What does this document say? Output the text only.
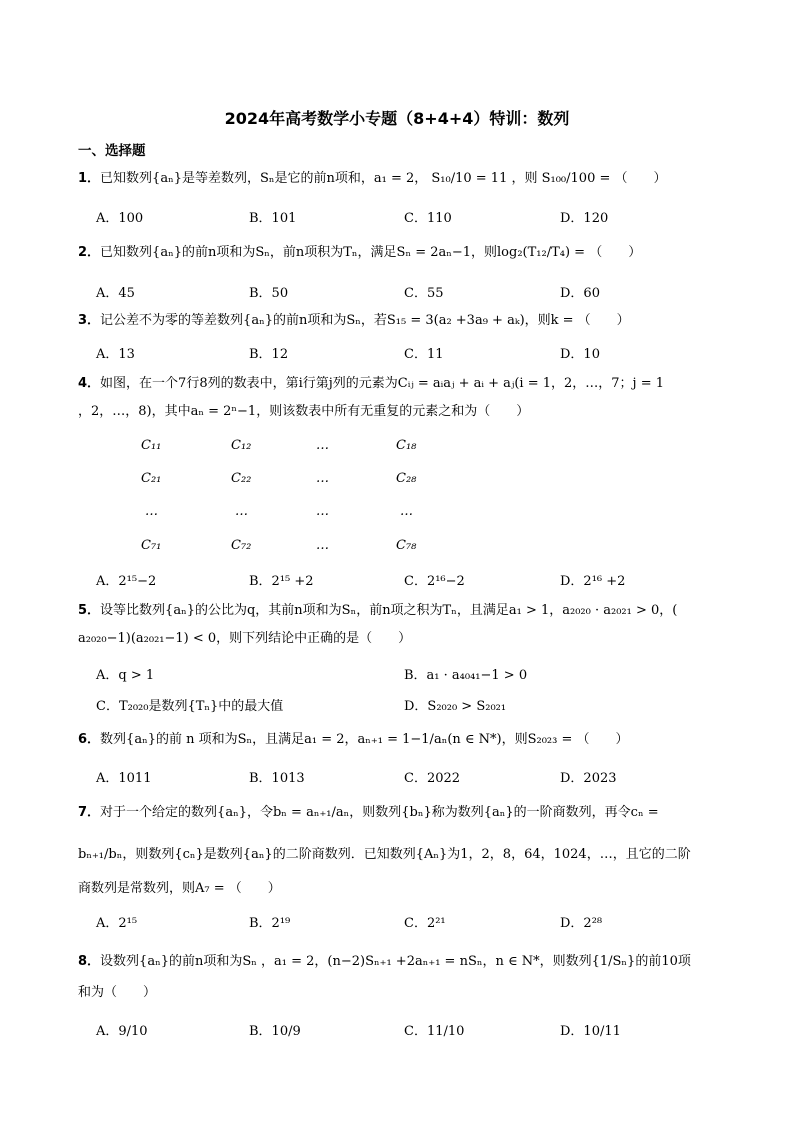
2024年高考数学小专题（8+4+4）特训：数列
一、选择题
1．已知数列{aₙ}是等差数列，Sₙ是它的前n项和，a₁ = 2， S₁₀/10 = 11 ，则 S₁₀₀/100 = （　　）
A．100	B．101	C．110	D．120
2．已知数列{aₙ}的前n项和为Sₙ，前n项积为Tₙ，满足Sₙ = 2aₙ−1，则log₂(T₁₂/T₄) = （　　）
A．45	B．50	C．55	D．60
3．记公差不为零的等差数列{aₙ}的前n项和为Sₙ，若S₁₅ = 3(a₂ +3a₉ + aₖ)，则k = （　　）
A．13	B．12	C．11	D．10
4．如图，在一个7行8列的数表中，第i行第j列的元素为Cᵢⱼ = aᵢaⱼ + aᵢ + aⱼ(i = 1，2，…，7；j = 1
，2，…，8)，其中aₙ = 2ⁿ−1，则该数表中所有无重复的元素之和为（　　）
C₁₁	C₁₂	…	C₁₈
C₂₁	C₂₂	…	C₂₈
…	…	…	…
C₇₁	C₇₂	…	C₇₈
A．2¹⁵−2	B．2¹⁵ +2	C．2¹⁶−2	D．2¹⁶ +2
5．设等比数列{aₙ}的公比为q，其前n项和为Sₙ，前n项之积为Tₙ，且满足a₁ > 1，a₂₀₂₀ · a₂₀₂₁ > 0，(
a₂₀₂₀−1)(a₂₀₂₁−1) < 0，则下列结论中正确的是（　　）
A．q > 1	B．a₁ · a₄₀₄₁−1 > 0
C．T₂₀₂₀是数列{Tₙ}中的最大值	D．S₂₀₂₀ > S₂₀₂₁
6．数列{aₙ}的前 n 项和为Sₙ，且满足a₁ = 2，aₙ₊₁ = 1−1/aₙ(n ∈ N*)，则S₂₀₂₃ = （　　）
A．1011	B．1013	C．2022	D．2023
7．对于一个给定的数列{aₙ}，令bₙ = aₙ₊₁/aₙ，则数列{bₙ}称为数列{aₙ}的一阶商数列，再令cₙ =
bₙ₊₁/bₙ，则数列{cₙ}是数列{aₙ}的二阶商数列．已知数列{Aₙ}为1，2，8，64，1024，…，且它的二阶
商数列是常数列，则A₇ = （　　）
A．2¹⁵	B．2¹⁹	C．2²¹	D．2²⁸
8．设数列{aₙ}的前n项和为Sₙ ，a₁ = 2，(n−2)Sₙ₊₁ +2aₙ₊₁ = nSₙ，n ∈ N*，则数列{1/Sₙ}的前10项
和为（　　）
A．9/10	B．10/9	C．11/10	D．10/11
